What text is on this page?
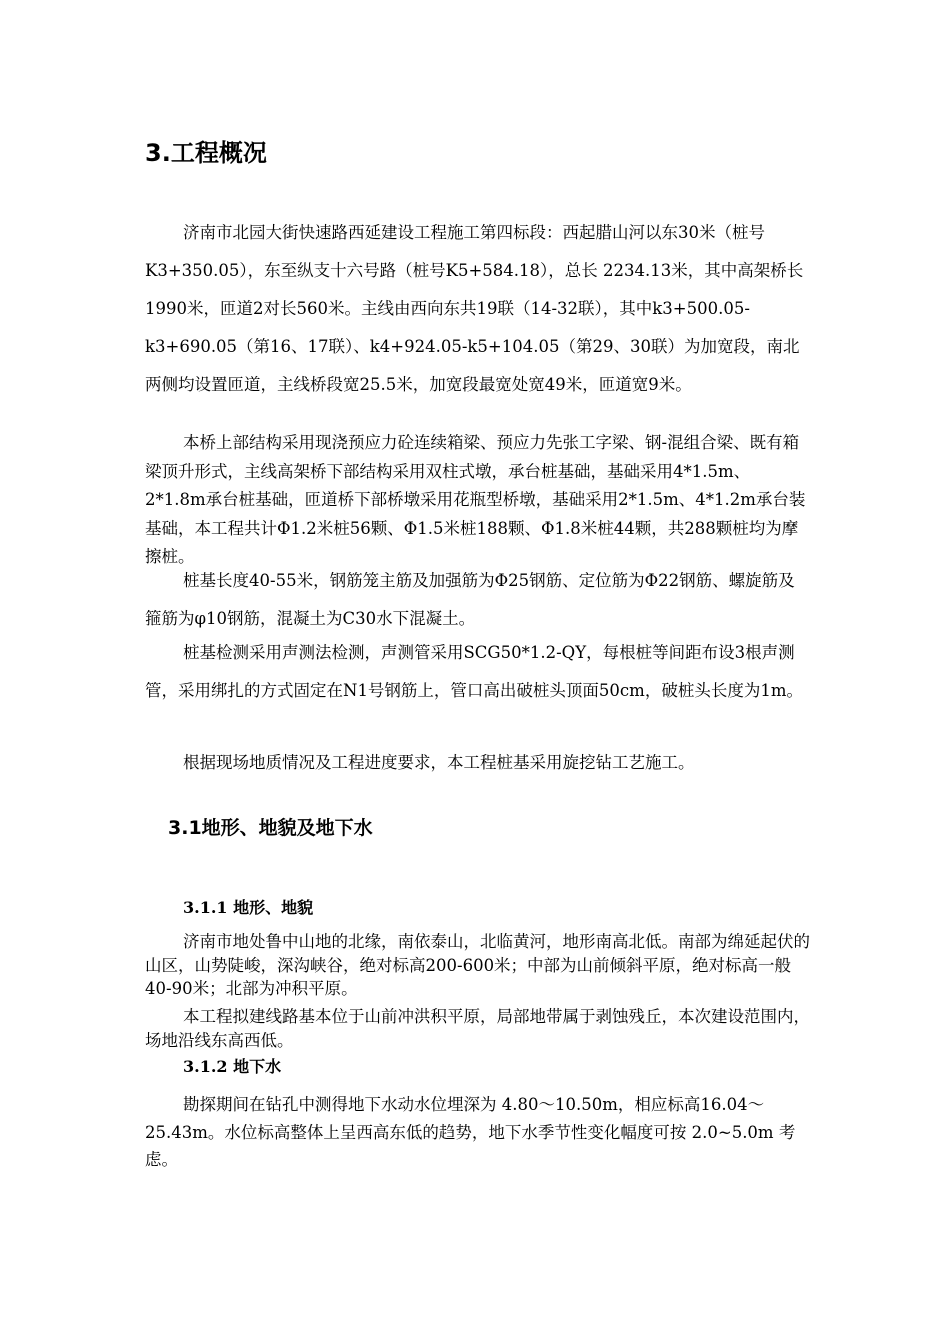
3.工程概况

济南市北园大街快速路西延建设工程施工第四标段：西起腊山河以东30米（桩号K3+350.05），东至纵支十六号路（桩号K5+584.18），总长 2234.13米，其中高架桥长1990米，匝道2对长560米。主线由西向东共19联（14-32联），其中k3+500.05-k3+690.05（第16、17联）、k4+924.05-k5+104.05（第29、30联）为加宽段，南北两侧均设置匝道，主线桥段宽25.5米，加宽段最宽处宽49米，匝道宽9米。

本桥上部结构采用现浇预应力砼连续箱梁、预应力先张工字梁、钢-混组合梁、既有箱梁顶升形式，主线高架桥下部结构采用双柱式墩，承台桩基础，基础采用4*1.5m、2*1.8m承台桩基础，匝道桥下部桥墩采用花瓶型桥墩，基础采用2*1.5m、4*1.2m承台装基础，本工程共计Φ1.2米桩56颗、Φ1.5米桩188颗、Φ1.8米桩44颗，共288颗桩均为摩擦桩。

桩基长度40-55米，钢筋笼主筋及加强筋为Φ25钢筋、定位筋为Φ22钢筋、螺旋筋及箍筋为φ10钢筋，混凝土为C30水下混凝土。

桩基检测采用声测法检测，声测管采用SCG50*1.2-QY，每根桩等间距布设3根声测管，采用绑扎的方式固定在N1号钢筋上，管口高出破桩头顶面50cm，破桩头长度为1m。

根据现场地质情况及工程进度要求，本工程桩基采用旋挖钻工艺施工。

3.1地形、地貌及地下水
3.1.1 地形、地貌

济南市地处鲁中山地的北缘，南依泰山，北临黄河，地形南高北低。南部为绵延起伏的山区，山势陡峻，深沟峡谷，绝对标高200-600米；中部为山前倾斜平原，绝对标高一般40-90米；北部为冲积平原。

本工程拟建线路基本位于山前冲洪积平原，局部地带属于剥蚀残丘，本次建设范围内，场地沿线东高西低。

3.1.2 地下水

勘探期间在钻孔中测得地下水动水位埋深为 4.80～10.50m，相应标高16.04～25.43m。水位标高整体上呈西高东低的趋势，地下水季节性变化幅度可按 2.0~5.0m 考虑。
